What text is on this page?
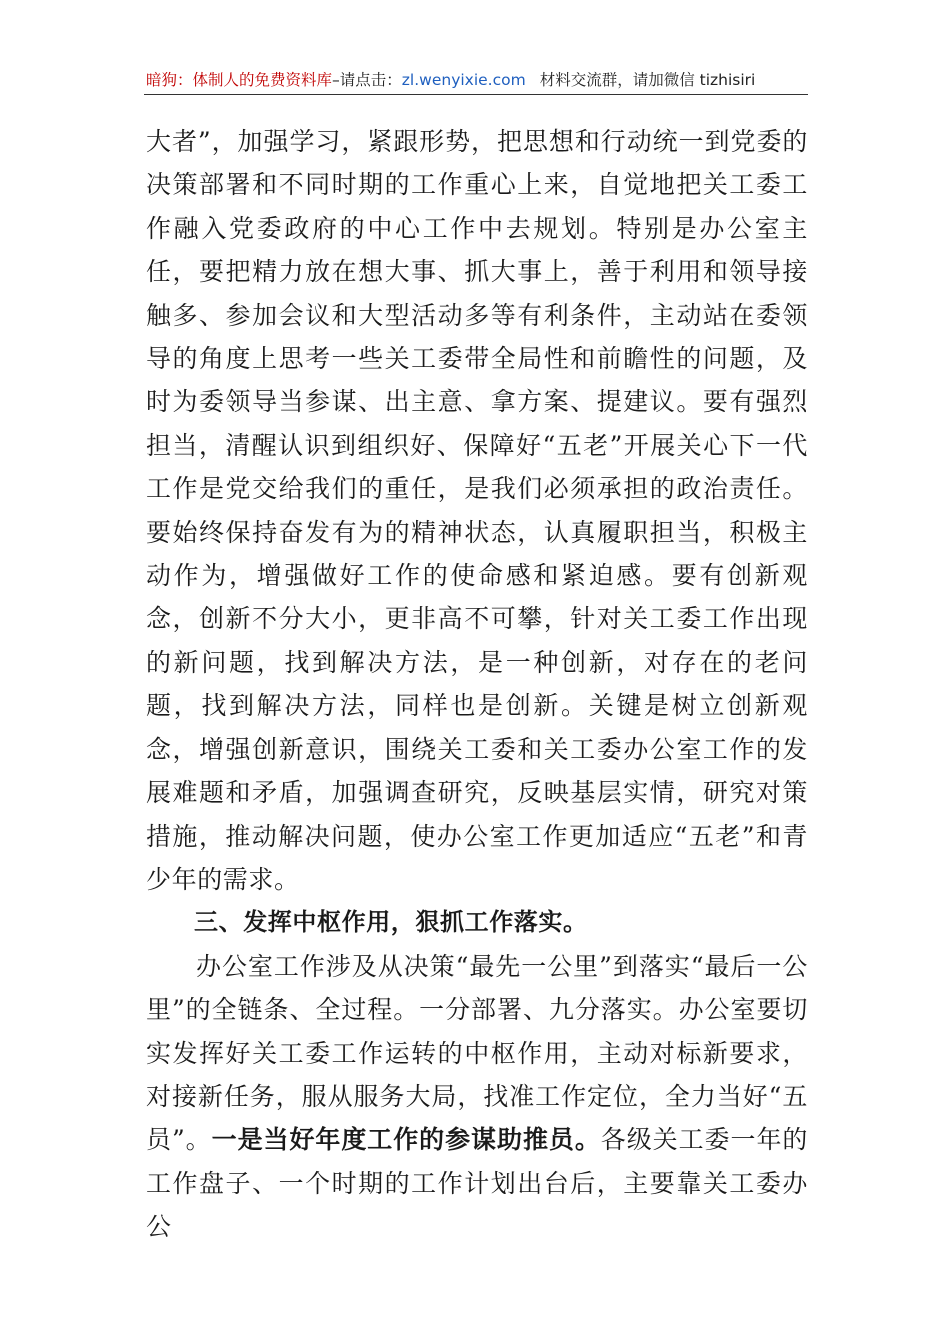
暗狗：体制人的免费资料库–请点击：zl.wenyixie.com 材料交流群，请加微信 tizhisiri

大者”，加强学习，紧跟形势，把思想和行动统一到党委的决策部署和不同时期的工作重心上来，自觉地把关工委工作融入党委政府的中心工作中去规划。特别是办公室主任，要把精力放在想大事、抓大事上，善于利用和领导接触多、参加会议和大型活动多等有利条件，主动站在委领导的角度上思考一些关工委带全局性和前瞻性的问题，及时为委领导当参谋、出主意、拿方案、提建议。要有强烈担当，清醒认识到组织好、保障好“五老”开展关心下一代工作是党交给我们的重任，是我们必须承担的政治责任。要始终保持奋发有为的精神状态，认真履职担当，积极主动作为，增强做好工作的使命感和紧迫感。要有创新观念，创新不分大小，更非高不可攀，针对关工委工作出现的新问题，找到解决方法，是一种创新，对存在的老问题，找到解决方法，同样也是创新。关键是树立创新观念，增强创新意识，围绕关工委和关工委办公室工作的发展难题和矛盾，加强调查研究，反映基层实情，研究对策措施，推动解决问题，使办公室工作更加适应“五老”和青少年的需求。

三、发挥中枢作用，狠抓工作落实。

办公室工作涉及从决策“最先一公里”到落实“最后一公里”的全链条、全过程。一分部署、九分落实。办公室要切实发挥好关工委工作运转的中枢作用，主动对标新要求，对接新任务，服从服务大局，找准工作定位，全力当好“五员”。一是当好年度工作的参谋助推员。各级关工委一年的工作盘子、一个时期的工作计划出台后，主要靠关工委办公
